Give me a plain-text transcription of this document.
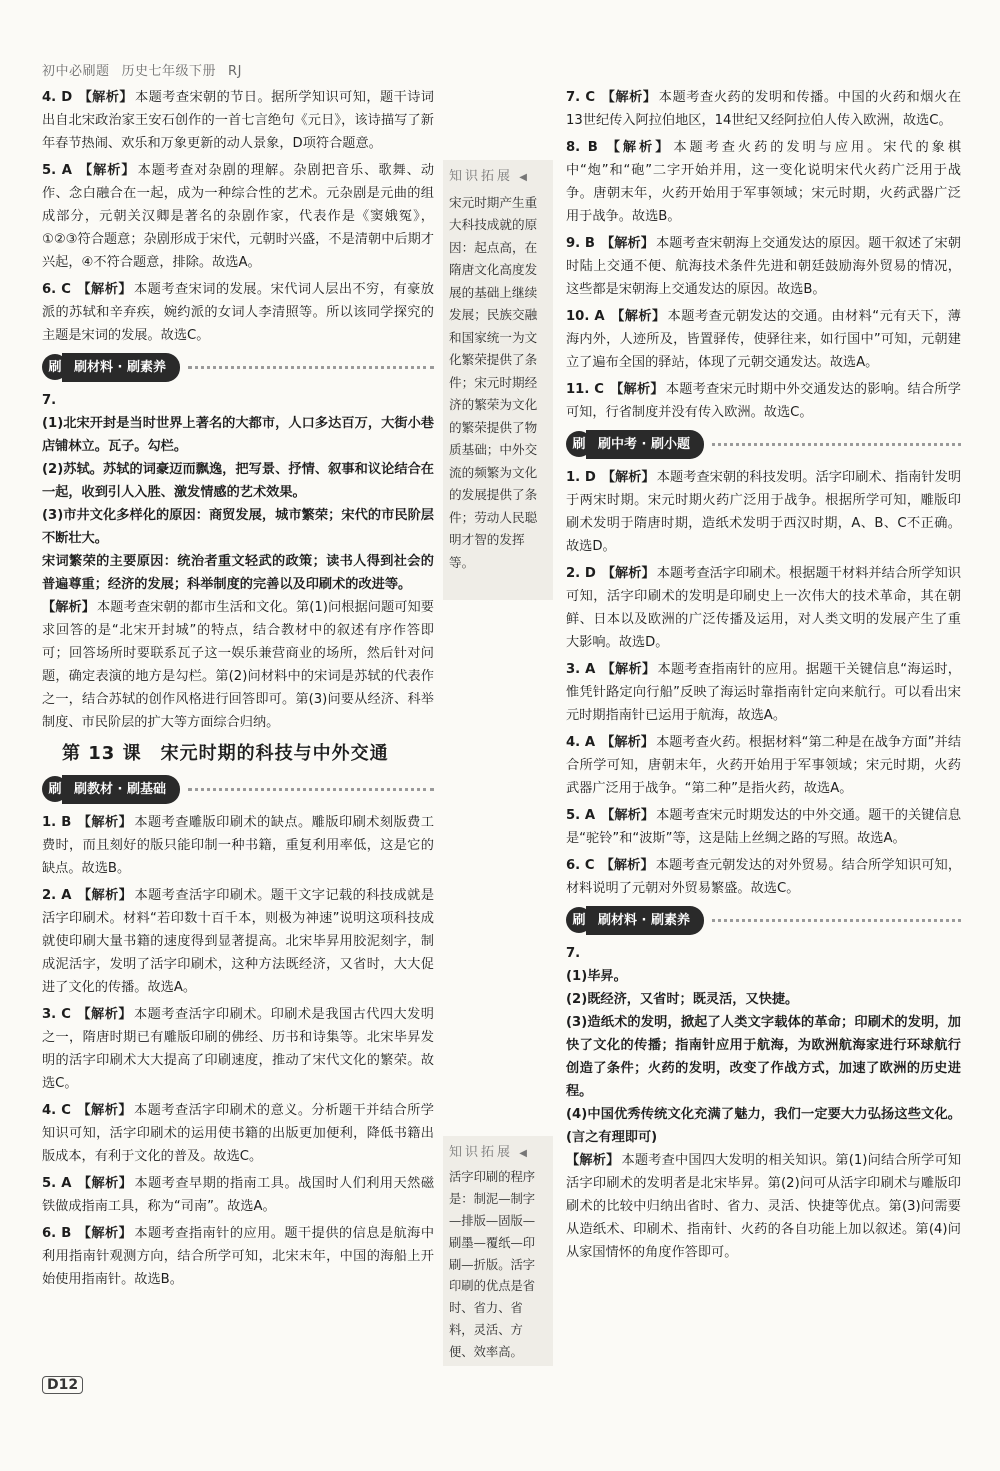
初中必刷题 历史七年级下册 RJ
4. D 【解析】 本题考查宋朝的节日。据所学知识可知，题干诗词出自北宋政治家王安石创作的一首七言绝句《元日》，该诗描写了新年春节热闹、欢乐和万象更新的动人景象，D项符合题意。
5. A 【解析】 本题考查对杂剧的理解。杂剧把音乐、歌舞、动作、念白融合在一起，成为一种综合性的艺术。元杂剧是元曲的组成部分，元朝关汉卿是著名的杂剧作家，代表作是《窦娥冤》，①②③符合题意；杂剧形成于宋代，元朝时兴盛，不是清朝中后期才兴起，④不符合题意，排除。故选A。
6. C 【解析】 本题考查宋词的发展。宋代词人层出不穷，有豪放派的苏轼和辛弃疾，婉约派的女词人李清照等。所以该同学探究的主题是宋词的发展。故选C。
刷 刷材料 · 刷素养
7.
(1)北宋开封是当时世界上著名的大都市，人口多达百万，大街小巷店铺林立。瓦子。勾栏。
(2)苏轼。苏轼的词豪迈而飘逸，把写景、抒情、叙事和议论结合在一起，收到引人入胜、激发情感的艺术效果。
(3)市井文化多样化的原因：商贸发展，城市繁荣；宋代的市民阶层不断壮大。
宋词繁荣的主要原因：统治者重文轻武的政策；读书人得到社会的普遍尊重；经济的发展；科举制度的完善以及印刷术的改进等。
【解析】 本题考查宋朝的都市生活和文化。第(1)问根据问题可知要求回答的是“北宋开封城”的特点，结合教材中的叙述有序作答即可；回答场所时要联系瓦子这一娱乐兼营商业的场所，然后针对问题，确定表演的地方是勾栏。第(2)问材料中的宋词是苏轼的代表作之一，结合苏轼的创作风格进行回答即可。第(3)问要从经济、科举制度、市民阶层的扩大等方面综合归纳。
第 13 课　宋元时期的科技与中外交通
刷 刷教材 · 刷基础
1. B 【解析】 本题考查雕版印刷术的缺点。雕版印刷术刻版费工费时，而且刻好的版只能印制一种书籍，重复利用率低，这是它的缺点。故选B。
2. A 【解析】 本题考查活字印刷术。题干文字记载的科技成就是活字印刷术。材料“若印数十百千本，则极为神速”说明这项科技成就使印刷大量书籍的速度得到显著提高。北宋毕昇用胶泥刻字，制成泥活字，发明了活字印刷术，这种方法既经济，又省时，大大促进了文化的传播。故选A。
3. C 【解析】 本题考查活字印刷术。印刷术是我国古代四大发明之一，隋唐时期已有雕版印刷的佛经、历书和诗集等。北宋毕昇发明的活字印刷术大大提高了印刷速度，推动了宋代文化的繁荣。故选C。
4. C 【解析】 本题考查活字印刷术的意义。分析题干并结合所学知识可知，活字印刷术的运用使书籍的出版更加便利，降低书籍出版成本，有利于文化的普及。故选C。
5. A 【解析】 本题考查早期的指南工具。战国时人们利用天然磁铁做成指南工具，称为“司南”。故选A。
6. B 【解析】 本题考查指南针的应用。题干提供的信息是航海中利用指南针观测方向，结合所学可知，北宋末年，中国的海船上开始使用指南针。故选B。
知识拓展 ◀
宋元时期产生重大科技成就的原因：起点高，在隋唐文化高度发展的基础上继续发展；民族交融和国家统一为文化繁荣提供了条件；宋元时期经济的繁荣为文化的繁荣提供了物质基础；中外交流的频繁为文化的发展提供了条件；劳动人民聪明才智的发挥等。
知识拓展 ◀
活字印刷的程序是：制泥—制字—排版—固版—刷墨—覆纸—印刷—折版。活字印刷的优点是省时、省力、省料，灵活、方便、效率高。
7. C 【解析】 本题考查火药的发明和传播。中国的火药和烟火在13世纪传入阿拉伯地区，14世纪又经阿拉伯人传入欧洲，故选C。
8. B 【解析】 本题考查火药的发明与应用。宋代的象棋中“炮”和“砲”二字开始并用，这一变化说明宋代火药广泛用于战争。唐朝末年，火药开始用于军事领域；宋元时期，火药武器广泛用于战争。故选B。
9. B 【解析】 本题考查宋朝海上交通发达的原因。题干叙述了宋朝时陆上交通不便、航海技术条件先进和朝廷鼓励海外贸易的情况，这些都是宋朝海上交通发达的原因。故选B。
10. A 【解析】 本题考查元朝发达的交通。由材料“元有天下，薄海内外，人迹所及，皆置驿传，使驿往来，如行国中”可知，元朝建立了遍布全国的驿站，体现了元朝交通发达。故选A。
11. C 【解析】 本题考查宋元时期中外交通发达的影响。结合所学可知，行省制度并没有传入欧洲。故选C。
刷 刷中考 · 刷小题
1. D 【解析】 本题考查宋朝的科技发明。活字印刷术、指南针发明于两宋时期。宋元时期火药广泛用于战争。根据所学可知，雕版印刷术发明于隋唐时期，造纸术发明于西汉时期，A、B、C不正确。故选D。
2. D 【解析】 本题考查活字印刷术。根据题干材料并结合所学知识可知，活字印刷术的发明是印刷史上一次伟大的技术革命，其在朝鲜、日本以及欧洲的广泛传播及运用，对人类文明的发展产生了重大影响。故选D。
3. A 【解析】 本题考查指南针的应用。据题干关键信息“海运时，惟凭针路定向行船”反映了海运时靠指南针定向来航行。可以看出宋元时期指南针已运用于航海，故选A。
4. A 【解析】 本题考查火药。根据材料“第二种是在战争方面”并结合所学可知，唐朝末年，火药开始用于军事领域；宋元时期，火药武器广泛用于战争。“第二种”是指火药，故选A。
5. A 【解析】 本题考查宋元时期发达的中外交通。题干的关键信息是“驼铃”和“波斯”等，这是陆上丝绸之路的写照。故选A。
6. C 【解析】 本题考查元朝发达的对外贸易。结合所学知识可知，材料说明了元朝对外贸易繁盛。故选C。
刷 刷材料 · 刷素养
7.
(1)毕昇。
(2)既经济，又省时；既灵活，又快捷。
(3)造纸术的发明，掀起了人类文字载体的革命；印刷术的发明，加快了文化的传播；指南针应用于航海，为欧洲航海家进行环球航行创造了条件；火药的发明，改变了作战方式，加速了欧洲的历史进程。
(4)中国优秀传统文化充满了魅力，我们一定要大力弘扬这些文化。(言之有理即可)
【解析】 本题考查中国四大发明的相关知识。第(1)问结合所学可知活字印刷术的发明者是北宋毕昇。第(2)问可从活字印刷术与雕版印刷术的比较中归纳出省时、省力、灵活、快捷等优点。第(3)问需要从造纸术、印刷术、指南针、火药的各自功能上加以叙述。第(4)问从家国情怀的角度作答即可。
D12
